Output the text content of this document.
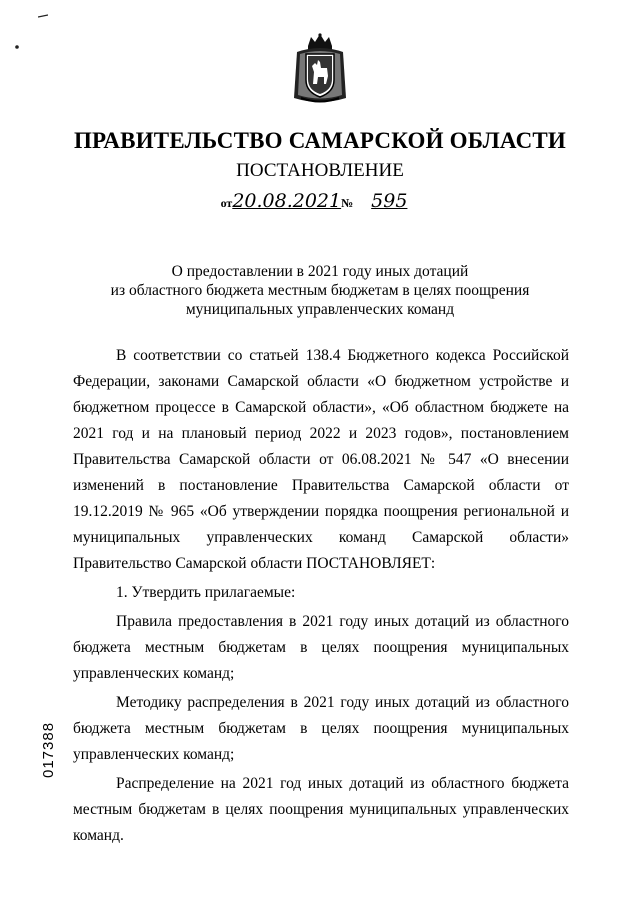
ПРАВИТЕЛЬСТВО САМАРСКОЙ ОБЛАСТИ
ПОСТАНОВЛЕНИЕ
от20.08.2021№ 595
О предоставлении в 2021 году иных дотаций
из областного бюджета местным бюджетам в целях поощрения
муниципальных управленческих команд

В соответствии со статьей 138.4 Бюджетного кодекса Российской Федерации, законами Самарской области «О бюджетном устройстве и бюджетном процессе в Самарской области», «Об областном бюджете на 2021 год и на плановый период 2022 и 2023 годов», постановлением Правительства Самарской области от 06.08.2021 № 547 «О внесении изменений в постановление Правительства Самарской области от 19.12.2019 № 965 «Об утверждении порядка поощрения региональной и муниципальных управленческих команд Самарской области» Правительство Самарской области ПОСТАНОВЛЯЕТ:

1. Утвердить прилагаемые:

Правила предоставления в 2021 году иных дотаций из областного бюджета местным бюджетам в целях поощрения муниципальных управленческих команд;

Методику распределения в 2021 году иных дотаций из областного бюджета местным бюджетам в целях поощрения муниципальных управленческих команд;

Распределение на 2021 год иных дотаций из областного бюджета местным бюджетам в целях поощрения муниципальных управленческих команд.

017388
